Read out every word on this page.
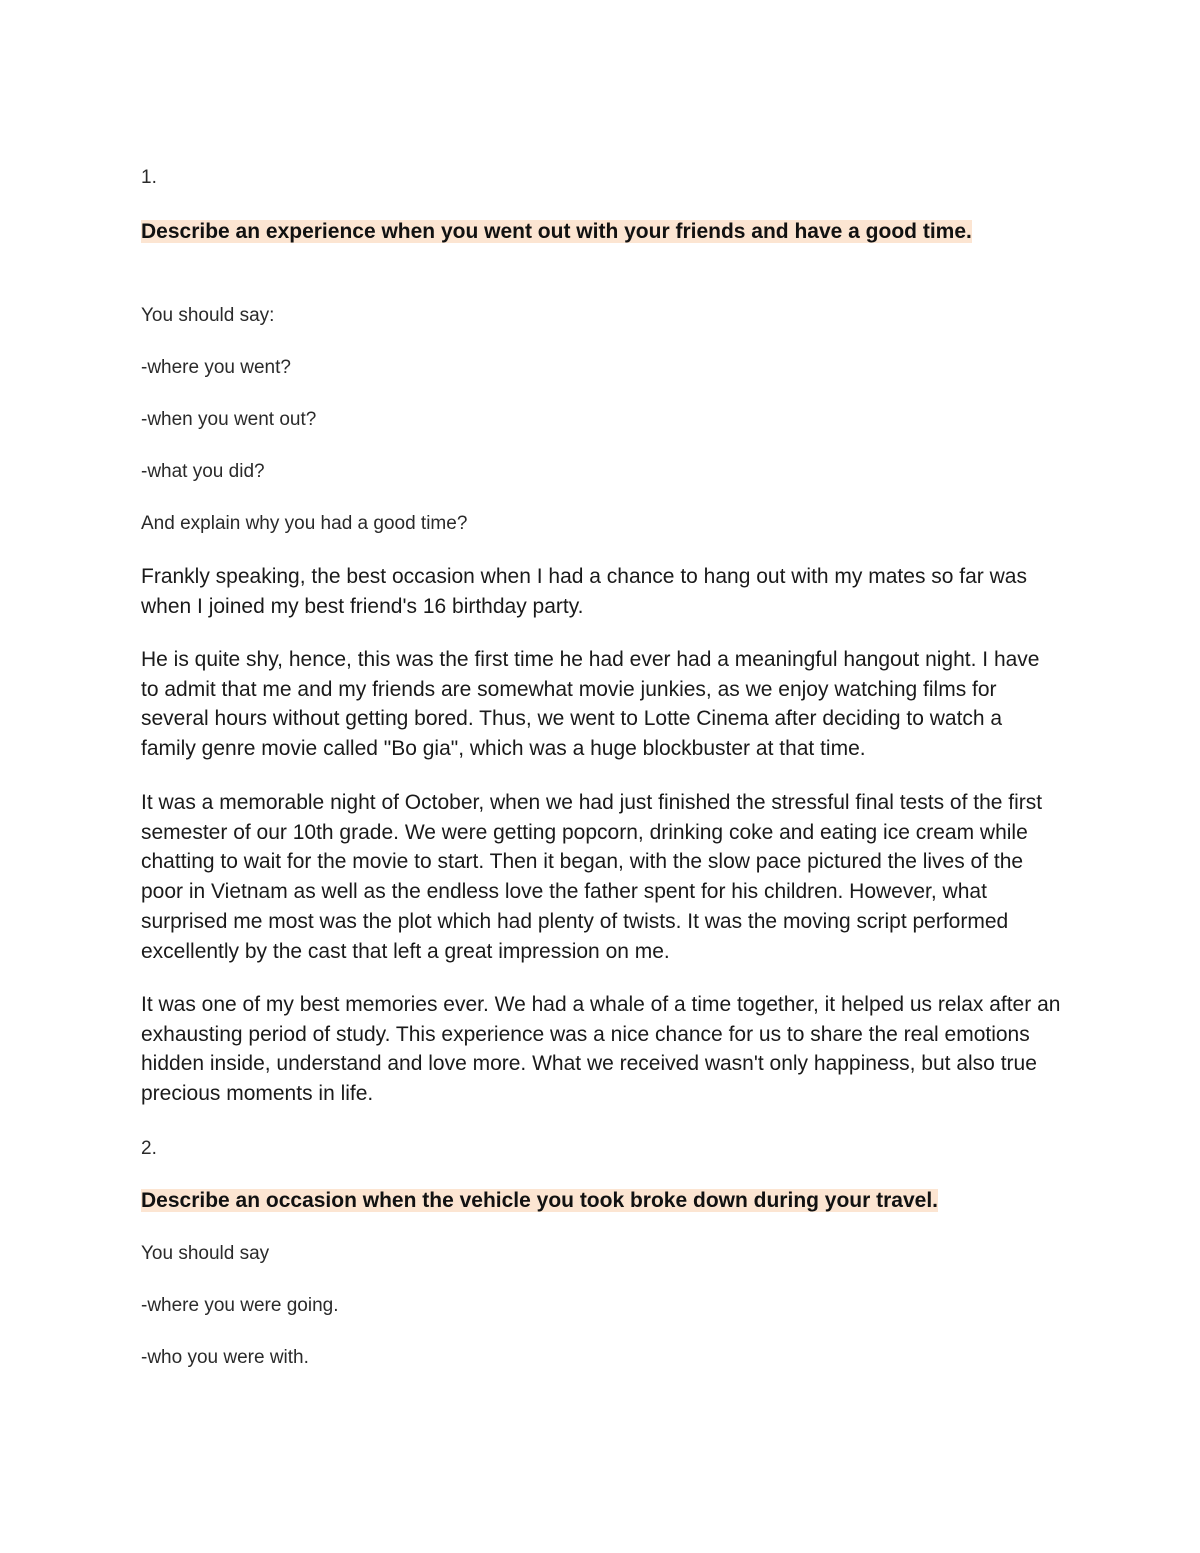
1.

Describe an experience when you went out with your friends and have a good time.

You should say:

-where you went?

-when you went out?

-what you did?

And explain why you had a good time?

Frankly speaking, the best occasion when I had a chance to hang out with my mates so far was when I joined my best friend's 16 birthday party.

He is quite shy, hence, this was the first time he had ever had a meaningful hangout night. I have to admit that me and my friends are somewhat movie junkies, as we enjoy watching films for several hours without getting bored. Thus, we went to Lotte Cinema after deciding to watch a family genre movie called "Bo gia", which was a huge blockbuster at that time.

It was a memorable night of October, when we had just finished the stressful final tests of the first semester of our 10th grade. We were getting popcorn, drinking coke and eating ice cream while chatting to wait for the movie to start. Then it began, with the slow pace pictured the lives of the poor in Vietnam as well as the endless love the father spent for his children. However, what surprised me most was the plot which had plenty of twists. It was the moving script performed excellently by the cast that left a great impression on me.

It was one of my best memories ever. We had a whale of a time together, it helped us relax after an exhausting period of study. This experience was a nice chance for us to share the real emotions hidden inside, understand and love more. What we received wasn't only happiness, but also true precious moments in life.

2.

Describe an occasion when the vehicle you took broke down during your travel.

You should say

-where you were going.

-who you were with.
